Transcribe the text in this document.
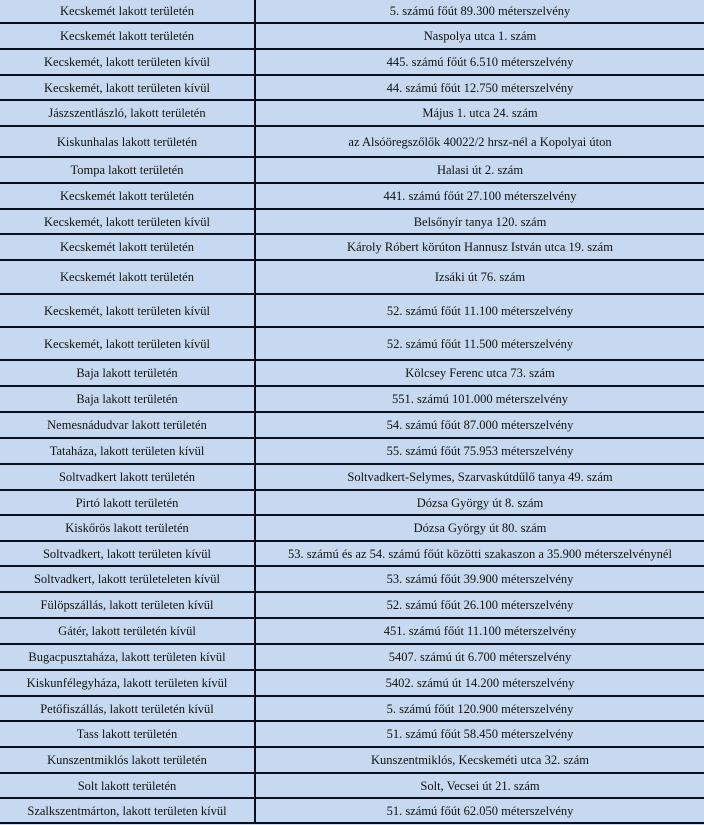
Kecskemét lakott területén	5. számú főút 89.300 méterszelvény
Kecskemét lakott területén	Naspolya utca 1. szám
Kecskemét, lakott területen kívül	445. számú főút 6.510 méterszelvény
Kecskemét, lakott területen kívül	44. számú főút 12.750 méterszelvény
Jászszentlászló, lakott területén	Május 1. utca 24. szám
Kiskunhalas lakott területén	az Alsóöregszőlők 40022/2 hrsz-nél a Kopolyai úton
Tompa lakott területén	Halasi út 2. szám
Kecskemét lakott területén	441. számú főút 27.100 méterszelvény
Kecskemét, lakott területen kívül	Belsőnyír tanya 120. szám
Kecskemét lakott területén	Károly Róbert körúton Hannusz István utca 19. szám
Kecskemét lakott területén	Izsáki út 76. szám
Kecskemét, lakott területen kívül	52. számú főút 11.100 méterszelvény
Kecskemét, lakott területen kívül	52. számú főút 11.500 méterszelvény
Baja lakott területén	Kölcsey Ferenc utca 73. szám
Baja lakott területén	551. számú 101.000 méterszelvény
Nemesnádudvar lakott területén	54. számú főút 87.000 méterszelvény
Tataháza, lakott területen kívül	55. számú főút 75.953 méterszelvény
Soltvadkert lakott területén	Soltvadkert-Selymes, Szarvaskútdűlő tanya 49. szám
Pirtó lakott területén	Dózsa György út 8. szám
Kiskőrös lakott területén	Dózsa György út 80. szám
Soltvadkert, lakott területen kívül	53. számú és az 54. számú főút közötti szakaszon a 35.900 méterszelvénynél
Soltvadkert, lakott területeleten kívül	53. számú főút 39.900 méterszelvény
Fülöpszállás, lakott területen kívül	52. számú főút 26.100 méterszelvény
Gátér, lakott területén kívül	451. számú főút 11.100 méterszelvény
Bugacpusztaháza, lakott területen kívül	5407. számú út 6.700 méterszelvény
Kiskunfélegyháza, lakott területen kívül	5402. számú út 14.200 méterszelvény
Petőfiszállás, lakott területén kívül	5. számú főút 120.900 méterszelvény
Tass lakott területén	51. számú főút 58.450 méterszelvény
Kunszentmiklós lakott területén	Kunszentmiklós, Kecskeméti utca 32. szám
Solt lakott területén	Solt, Vecsei út 21. szám
Szalkszentmárton, lakott területen kívül	51. számú főút 62.050 méterszelvény
